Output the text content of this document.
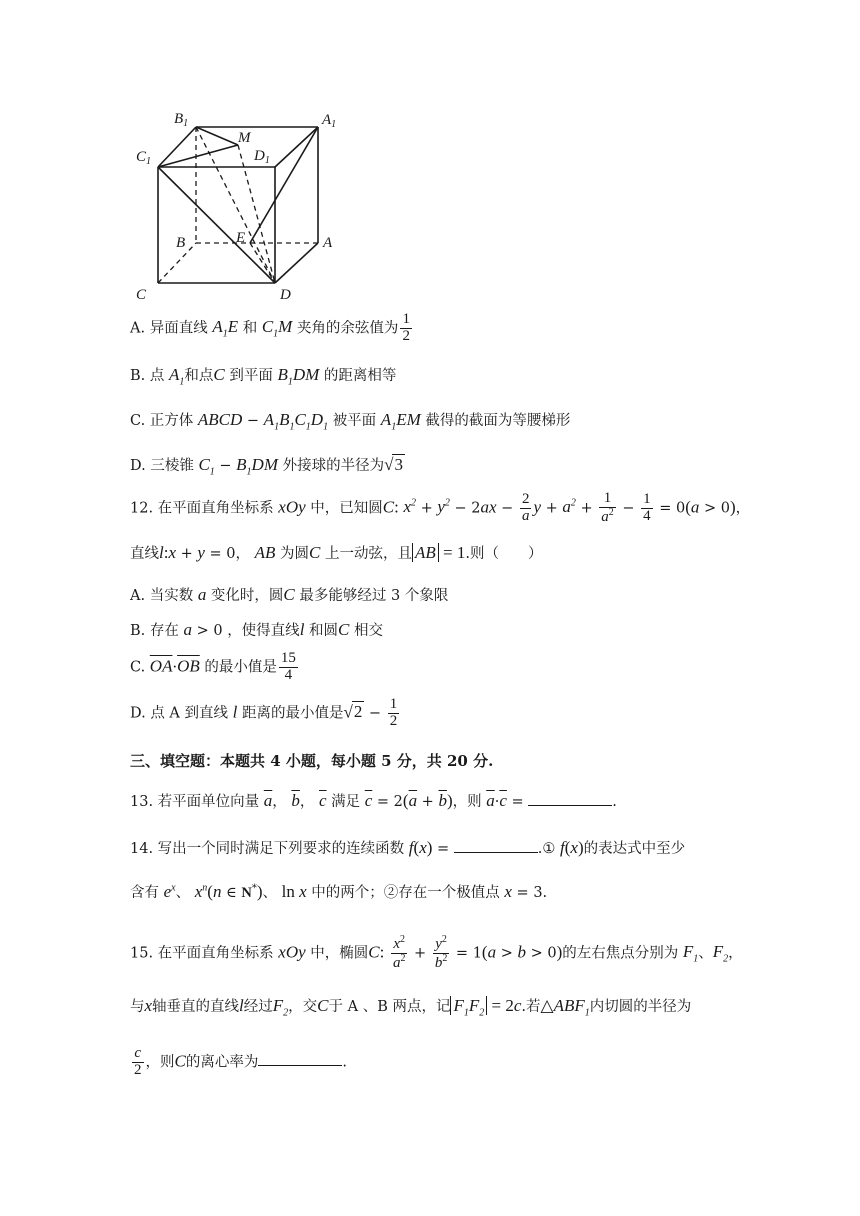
$B_1$	$A_1$
$C_1$	$D_1$
M
E
B	A
C	D
A. 异面直线 $A_1E$ 和 $C_1M$ 夹角的余弦值为 $\frac{1}{2}$
B. 点 $A_1$和点C 到平面 $B_1DM$ 的距离相等
C. 正方体 ABCD − $A_1B_1C_1D_1$ 被平面 $A_1EM$ 截得的截面为等腰梯形
D. 三棱锥 $C_1 - B_1DM$ 外接球的半径为√3
12. 在平面直角坐标系 xOy 中，已知圆C: $x^2 + y^2 - 2ax - \frac{2}{a}$ $y + a^2 + \frac{1}{a^2} - \frac{1}{4} = 0(a > 0)$，
直线l:x + y = 0， AB 为圆C 上一动弦，且 AB = 1.则（　　）
A. 当实数 a 变化时，圆C 最多能够经过 3 个象限
B. 存在 a > 0 ，使得直线l 和圆C 相交
C. $\overline{OA}\cdot\overline{OB}$ 的最小值是 $\frac{15}{4}$
D. 点 A 到直线 l 距离的最小值是$√2 - \frac{1}{2}$
三、填空题：本题共 4 小题，每小题 5 分，共 20 分.
13. 若平面单位向量 $\overline{a}$， $\overline{b}$， $\overline{c}$ 满足 $\overline{c} = 2(\overline{a} + \overline{b})$，则 $\overline{a}\cdot\overline{c}$ =	.
14. 写出一个同时满足下列要求的连续函数 f(x) =	.① f(x)的表达式中至少
含有 $e^x$、 $x^n(n$ ∈ N*)、 ln x 中的两个；②存在一个极值点 x = 3.
15. 在平面直角坐标系 xOy 中，椭圆C: $\frac{x^2}{a^2} + \frac{y^2}{b^2} = 1(a > b > 0)$的左右焦点分别为 $F_1$、$F_2$，
与x轴垂直的直线l经过$F_2$，交C于 A 、B 两点，记 $F_1F_2 = 2c$.若$\triangle ABF_1$内切圆的半径为
$\frac{c}{2}$ ，则C的离心率为	.
